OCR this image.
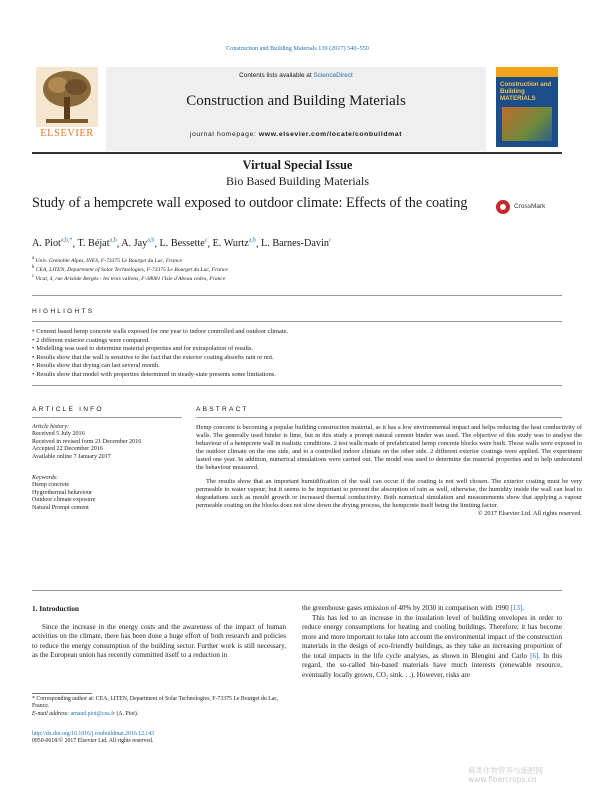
Construction and Building Materials 139 (2017) 540–550
ELSEVIER
Contents lists available at ScienceDirect
Construction and Building Materials
journal homepage: www.elsevier.com/locate/conbuildmat
Construction and Building MATERIALS
Virtual Special Issue
Bio Based Building Materials
Study of a hempcrete wall exposed to outdoor climate: Effects of the coating	CrossMark
A. Piot$^{a,b,*}$, T. Béjat$^{a,b}$, A. Jay$^{a,b}$, L. Bessette$^c$, E. Wurtz$^{a,b}$, L. Barnes-Davin$^c$
$^a$ Univ. Grenoble Alpes, INES, F-73375 Le Bourget du Lac, France
$^b$ CEA, LITEN, Department of Solar Technologies, F-73375 Le Bourget du Lac, France
$^c$ Vicat, 4, rue Aristide Bergès - les trois vallons, F-38081 l'Isle d'Abeau cedex, France
HIGHLIGHTS
• Cement based hemp concrete walls exposed for one year to indoor controlled and outdoor climate.
• 2 different exterior coatings were compared.
• Modelling was used to determine material properties and for extrapolation of results.
• Results show that the wall is sensitive to the fact that the exterior coating absorbs rain or not.
• Results show that drying can last several month.
• Results show that model with properties determined in steady-state presents some limitations.
ARTICLE INFO	ABSTRACT
Article history:
Received 5 July 2016
Received in revised form 21 December 2016
Accepted 22 December 2016
Available online 7 January 2017
Keywords:
Hemp concrete
Hygrothermal behaviour
Outdoor climate exposure
Natural Prompt cement

Hemp concrete is becoming a popular building construction material, as it has a low environmental impact and helps reducing the heat conductivity of walls. The generally used binder is lime, but in this study a prompt natural cement binder was used. The objective of this study was to analyse the behaviour of a hempcrete wall in realistic conditions. 2 test walls made of prefabricated hemp concrete blocks were built. Those walls were exposed to the outdoor climate on the one side, and to a controlled indoor climate on the other side. 2 different exterior coatings were applied. The experiment lasted one year. In addition, numerical simulations were carried out. The model was used to determine the material properties and to help understand the behaviour measured.

The results show that an important humidification of the wall can occur if the coating is not well chosen. The exterior coating must be very permeable to water vapour, but it seems to be important to prevent the absorption of rain as well, otherwise, the humidity inside the wall can lead to degradations such as mould growth or increased thermal conductivity. Both numerical simulation and measurements show that applying a vapour permeable coating on the blocks does not slow down the drying process, the hempcrete itself being the limiting factor.

© 2017 Elsevier Ltd. All rights reserved.

1. Introduction

Since the increase in the energy costs and the awareness of the impact of human activities on the climate, there has been done a huge effort of both research and policies to reduce the energy consumption of the building sector. Further work is still necessary, as the European union has recently committed itself to a reduction in

the greenhouse gases emission of 40% by 2030 in comparison with 1990 [13].

This has led to an increase in the insulation level of building envelopes in order to reduce energy consumptions for heating and cooling buildings. Therefore, it has become more and more important to take into account the environmental impact of the construction materials in the design of eco-friendly buildings, as they take an increasing proportion of the total impacts in the life cycle analyses, as shown in Blengini and Carlo [6]. In this regard, the so-called bio-based materials have much interests (renewable resource, eventually locally grown, CO₂ sink. . .). However, risks are

* Corresponding author at: CEA, LITEN, Department of Solar Technologies, F-73375 Le Bourget du Lac, France.
E-mail address: arnaud.piot@cea.fr (A. Piot).
http://dx.doi.org/10.1016/j.conbuildmat.2016.12.143
0950-0618/© 2017 Elsevier Ltd. All rights reserved.
麻类作物营养与施肥网
www.fibercrops.cn
